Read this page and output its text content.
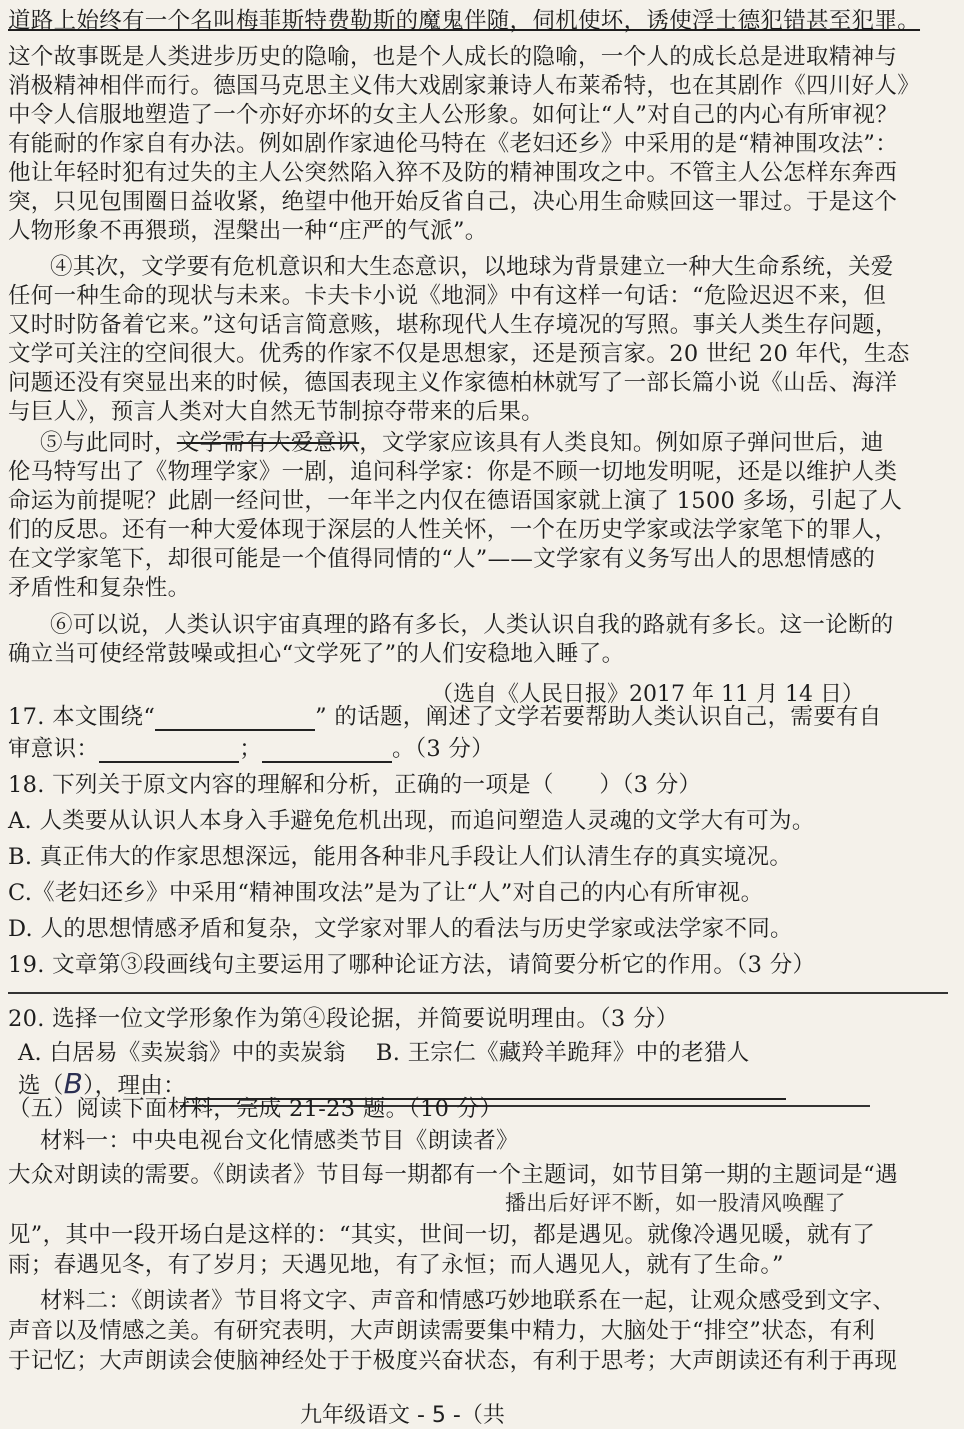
道路上始终有一个名叫梅菲斯特费勒斯的魔鬼伴随，伺机使坏，诱使浮士德犯错甚至犯罪。
这个故事既是人类进步历史的隐喻，也是个人成长的隐喻，一个人的成长总是进取精神与
消极精神相伴而行。德国马克思主义伟大戏剧家兼诗人布莱希特，也在其剧作《四川好人》
中令人信服地塑造了一个亦好亦坏的女主人公形象。如何让“人”对自己的内心有所审视？
有能耐的作家自有办法。例如剧作家迪伦马特在《老妇还乡》中采用的是“精神围攻法”：
他让年轻时犯有过失的主人公突然陷入猝不及防的精神围攻之中。不管主人公怎样东奔西
突，只见包围圈日益收紧，绝望中他开始反省自己，决心用生命赎回这一罪过。于是这个
人物形象不再猥琐，涅槃出一种“庄严的气派”。
④其次，文学要有危机意识和大生态意识，以地球为背景建立一种大生命系统，关爱
任何一种生命的现状与未来。卡夫卡小说《地洞》中有这样一句话：“危险迟迟不来，但
又时时防备着它来。”这句话言简意赅，堪称现代人生存境况的写照。事关人类生存问题，
文学可关注的空间很大。优秀的作家不仅是思想家，还是预言家。20 世纪 20 年代，生态
问题还没有突显出来的时候，德国表现主义作家德柏林就写了一部长篇小说《山岳、海洋
与巨人》，预言人类对大自然无节制掠夺带来的后果。
⑤与此同时，文学需有大爱意识，文学家应该具有人类良知。例如原子弹问世后，迪
伦马特写出了《物理学家》一剧，追问科学家：你是不顾一切地发明呢，还是以维护人类
命运为前提呢？此剧一经问世，一年半之内仅在德语国家就上演了 1500 多场，引起了人
们的反思。还有一种大爱体现于深层的人性关怀，一个在历史学家或法学家笔下的罪人，
在文学家笔下，却很可能是一个值得同情的“人”——文学家有义务写出人的思想情感的
矛盾性和复杂性。
⑥可以说，人类认识宇宙真理的路有多长，人类认识自我的路就有多长。这一论断的
确立当可使经常鼓噪或担心“文学死了”的人们安稳地入睡了。
（选自《人民日报》2017 年 11 月 14 日）
17. 本文围绕“	” 的话题，阐述了文学若要帮助人类认识自己，需要有自
审意识：	；	。（3 分）
18. 下列关于原文内容的理解和分析，正确的一项是（　　）（3 分）
A. 人类要从认识人本身入手避免危机出现，而追问塑造人灵魂的文学大有可为。
B. 真正伟大的作家思想深远，能用各种非凡手段让人们认清生存的真实境况。
C.《老妇还乡》中采用“精神围攻法”是为了让“人”对自己的内心有所审视。
D. 人的思想情感矛盾和复杂，文学家对罪人的看法与历史学家或法学家不同。
19. 文章第③段画线句主要运用了哪种论证方法，请简要分析它的作用。（3 分）
20. 选择一位文学形象作为第④段论据，并简要说明理由。（3 分）
A. 白居易《卖炭翁》中的卖炭翁 B. 王宗仁《藏羚羊跪拜》中的老猎人
选（B），理由：
（五）阅读下面材料，完成 21-23 题。（10 分）
材料一：中央电视台文化情感类节目《朗读者》
大众对朗读的需要。《朗读者》节目每一期都有一个主题词，如节目第一期的主题词是“遇
播出后好评不断，如一股清风唤醒了
见”，其中一段开场白是这样的：“其实，世间一切，都是遇见。就像冷遇见暖，就有了
雨；春遇见冬，有了岁月；天遇见地，有了永恒；而人遇见人，就有了生命。”
材料二：《朗读者》节目将文字、声音和情感巧妙地联系在一起，让观众感受到文字、
声音以及情感之美。有研究表明，大声朗读需要集中精力，大脑处于“排空”状态，有利
于记忆；大声朗读会使脑神经处于于极度兴奋状态，有利于思考；大声朗读还有利于再现
九年级语文 - 5 -（共
